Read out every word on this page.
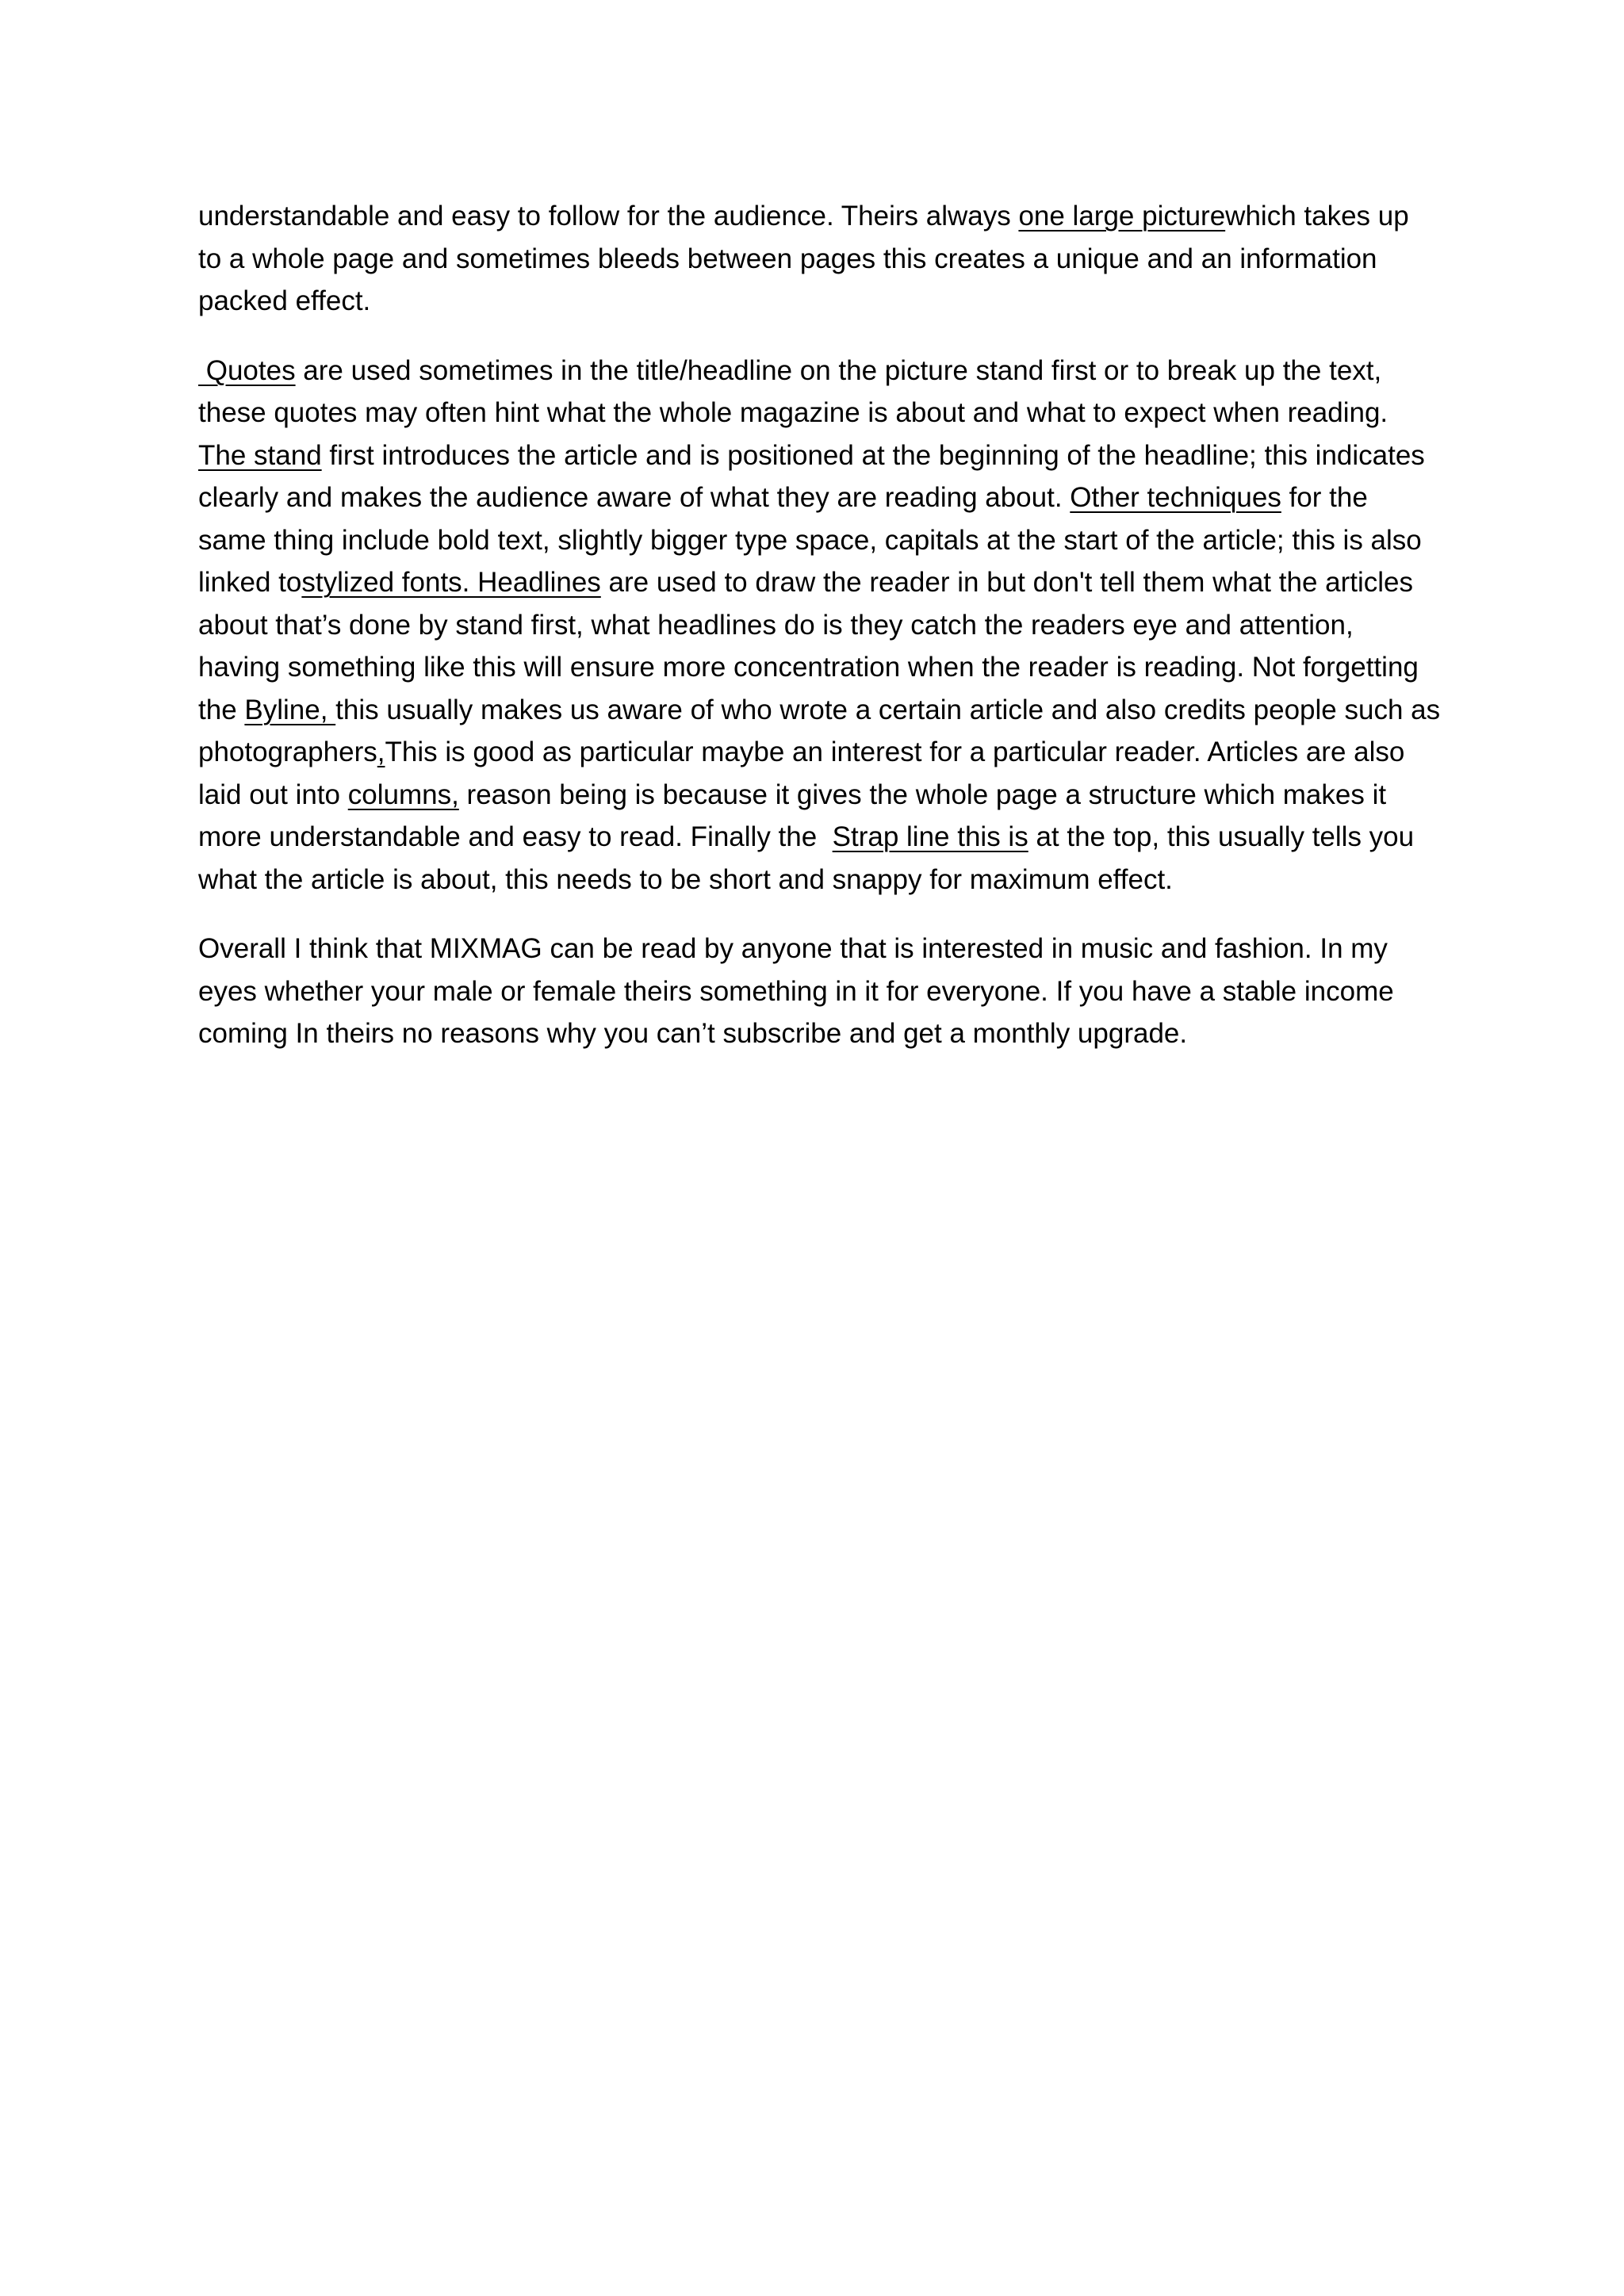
understandable and easy to follow for the audience. Theirs always one large picturewhich takes up
to a whole page and sometimes bleeds between pages this creates a unique and an information
packed effect.
Quotes are used sometimes in the title/headline on the picture stand first or to break up the text,
these quotes may often hint what the whole magazine is about and what to expect when reading.
The stand first introduces the article and is positioned at the beginning of the headline; this indicates
clearly and makes the audience aware of what they are reading about. Other techniques for the
same thing include bold text, slightly bigger type space, capitals at the start of the article; this is also
linked tostylized fonts. Headlines are used to draw the reader in but don't tell them what the articles
about that’s done by stand first, what headlines do is they catch the readers eye and attention,
having something like this will ensure more concentration when the reader is reading. Not forgetting
the Byline, this usually makes us aware of who wrote a certain article and also credits people such as
photographers,This is good as particular maybe an interest for a particular reader. Articles are also
laid out into columns, reason being is because it gives the whole page a structure which makes it
more understandable and easy to read. Finally the  Strap line this is at the top, this usually tells you
what the article is about, this needs to be short and snappy for maximum effect.
Overall I think that MIXMAG can be read by anyone that is interested in music and fashion. In my
eyes whether your male or female theirs something in it for everyone. If you have a stable income
coming In theirs no reasons why you can’t subscribe and get a monthly upgrade.
